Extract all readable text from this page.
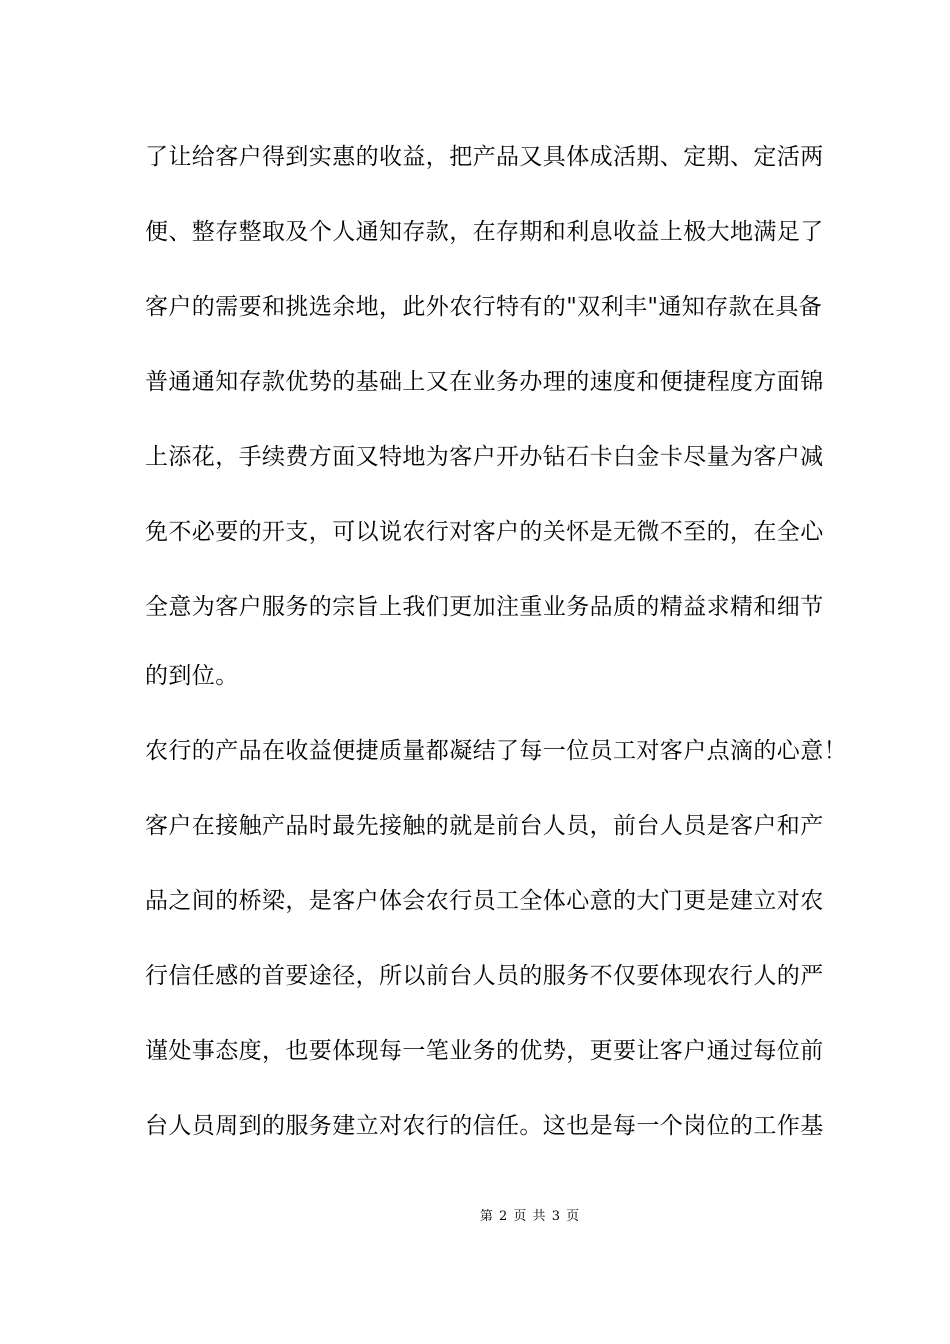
了让给客户得到实惠的收益，把产品又具体成活期、定期、定活两
便、整存整取及个人通知存款，在存期和利息收益上极大地满足了
客户的需要和挑选余地，此外农行特有的"双利丰"通知存款在具备
普通通知存款优势的基础上又在业务办理的速度和便捷程度方面锦
上添花，手续费方面又特地为客户开办钻石卡白金卡尽量为客户减
免不必要的开支，可以说农行对客户的关怀是无微不至的，在全心
全意为客户服务的宗旨上我们更加注重业务品质的精益求精和细节
的到位。
农行的产品在收益便捷质量都凝结了每一位员工对客户点滴的心意！
客户在接触产品时最先接触的就是前台人员，前台人员是客户和产
品之间的桥梁，是客户体会农行员工全体心意的大门更是建立对农
行信任感的首要途径，所以前台人员的服务不仅要体现农行人的严
谨处事态度，也要体现每一笔业务的优势，更要让客户通过每位前
台人员周到的服务建立对农行的信任。这也是每一个岗位的工作基
第 2 页 共 3 页
